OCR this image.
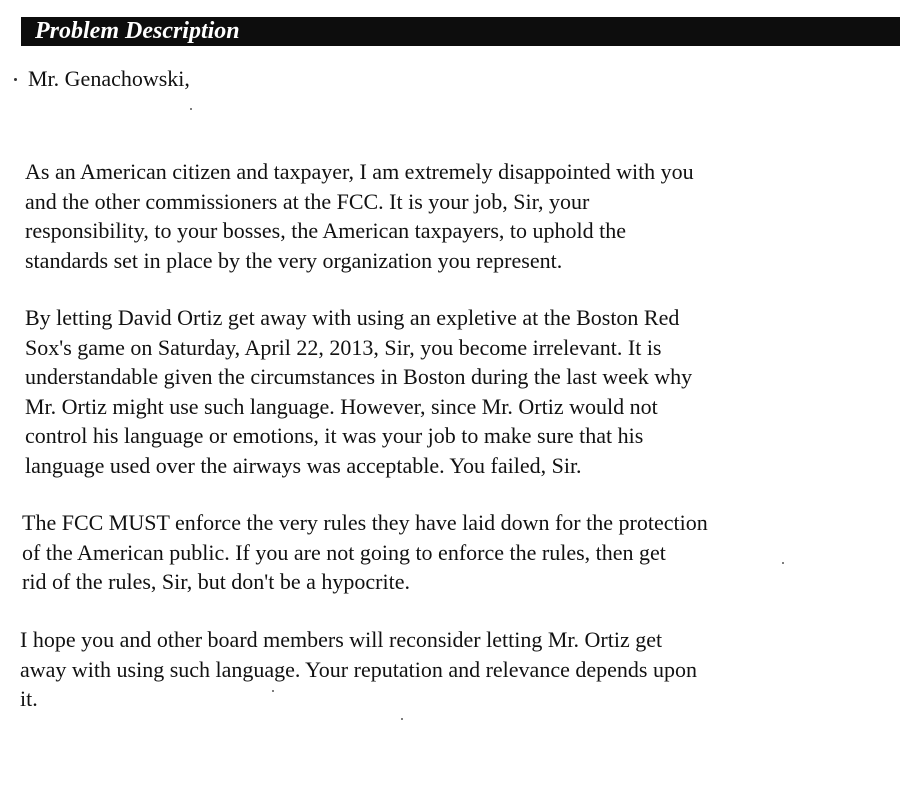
Problem Description
Mr. Genachowski,

As an American citizen and taxpayer, I am extremely disappointed with you
and the other commissioners at the FCC. It is your job, Sir, your
responsibility, to your bosses, the American taxpayers, to uphold the
standards set in place by the very organization you represent.

By letting David Ortiz get away with using an expletive at the Boston Red
Sox's game on Saturday, April 22, 2013, Sir, you become irrelevant. It is
understandable given the circumstances in Boston during the last week why
Mr. Ortiz might use such language. However, since Mr. Ortiz would not
control his language or emotions, it was your job to make sure that his
language used over the airways was acceptable. You failed, Sir.

The FCC MUST enforce the very rules they have laid down for the protection
of the American public. If you are not going to enforce the rules, then get
rid of the rules, Sir, but don't be a hypocrite.

I hope you and other board members will reconsider letting Mr. Ortiz get
away with using such language. Your reputation and relevance depends upon
it.
